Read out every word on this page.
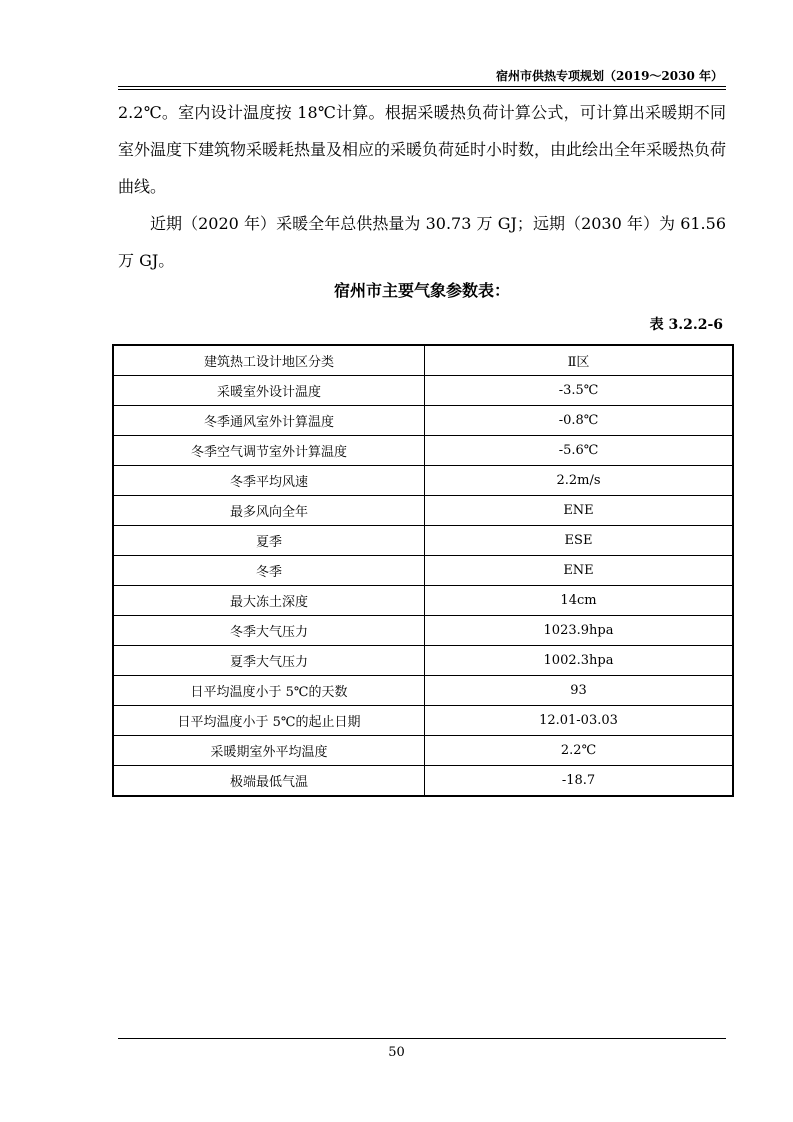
宿州市供热专项规划（2019～2030 年）

2.2℃。室内设计温度按 18℃计算。根据采暖热负荷计算公式，可计算出采暖期不同室外温度下建筑物采暖耗热量及相应的采暖负荷延时小时数，由此绘出全年采暖热负荷曲线。

近期（2020 年）采暖全年总供热量为 30.73 万 GJ；远期（2030 年）为 61.56 万 GJ。

宿州市主要气象参数表：
表 3.2.2-6
建筑热工设计地区分类	Ⅱ区
采暖室外设计温度	-3.5℃
冬季通风室外计算温度	-0.8℃
冬季空气调节室外计算温度	-5.6℃
冬季平均风速	2.2m/s
最多风向全年	ENE
夏季	ESE
冬季	ENE
最大冻土深度	14cm
冬季大气压力	1023.9hpa
夏季大气压力	1002.3hpa
日平均温度小于 5℃的天数	93
日平均温度小于 5℃的起止日期	12.01-03.03
采暖期室外平均温度	2.2℃
极端最低气温	-18.7
50
